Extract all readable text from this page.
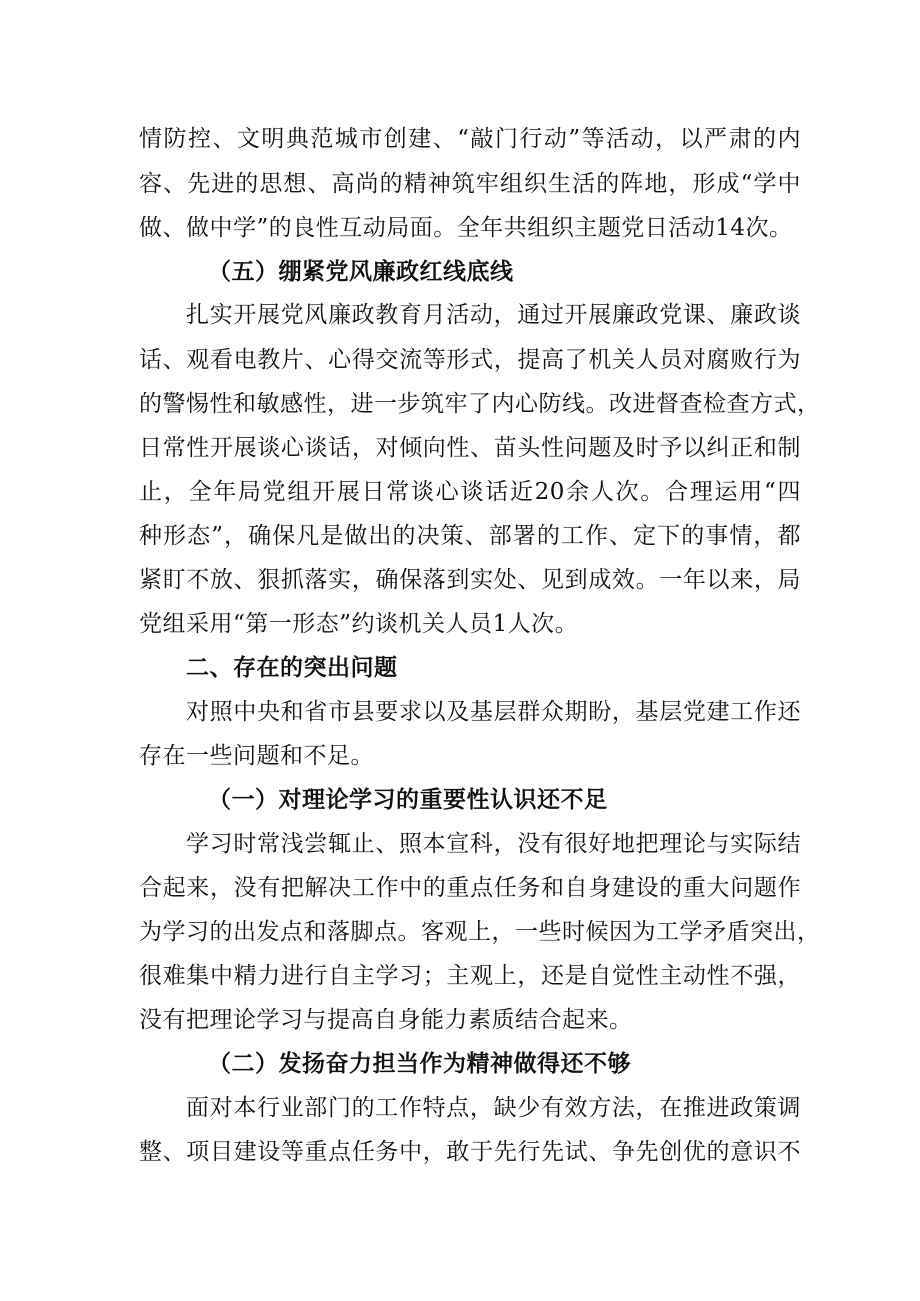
情防控、文明典范城市创建、“敲门行动”等活动，以严肃的内
容、先进的思想、高尚的精神筑牢组织生活的阵地，形成“学中
做、做中学”的良性互动局面。全年共组织主题党日活动14次。
（五）绷紧党风廉政红线底线
扎实开展党风廉政教育月活动，通过开展廉政党课、廉政谈
话、观看电教片、心得交流等形式，提高了机关人员对腐败行为
的警惕性和敏感性，进一步筑牢了内心防线。改进督查检查方式，
日常性开展谈心谈话，对倾向性、苗头性问题及时予以纠正和制
止，全年局党组开展日常谈心谈话近20余人次。合理运用“四
种形态”，确保凡是做出的决策、部署的工作、定下的事情，都
紧盯不放、狠抓落实，确保落到实处、见到成效。一年以来，局
党组采用“第一形态”约谈机关人员1人次。
二、存在的突出问题
对照中央和省市县要求以及基层群众期盼，基层党建工作还
存在一些问题和不足。
（一）对理论学习的重要性认识还不足
学习时常浅尝辄止、照本宣科，没有很好地把理论与实际结
合起来，没有把解决工作中的重点任务和自身建设的重大问题作
为学习的出发点和落脚点。客观上，一些时候因为工学矛盾突出，
很难集中精力进行自主学习；主观上，还是自觉性主动性不强，
没有把理论学习与提高自身能力素质结合起来。
（二）发扬奋力担当作为精神做得还不够
面对本行业部门的工作特点，缺少有效方法，在推进政策调
整、项目建设等重点任务中，敢于先行先试、争先创优的意识不
